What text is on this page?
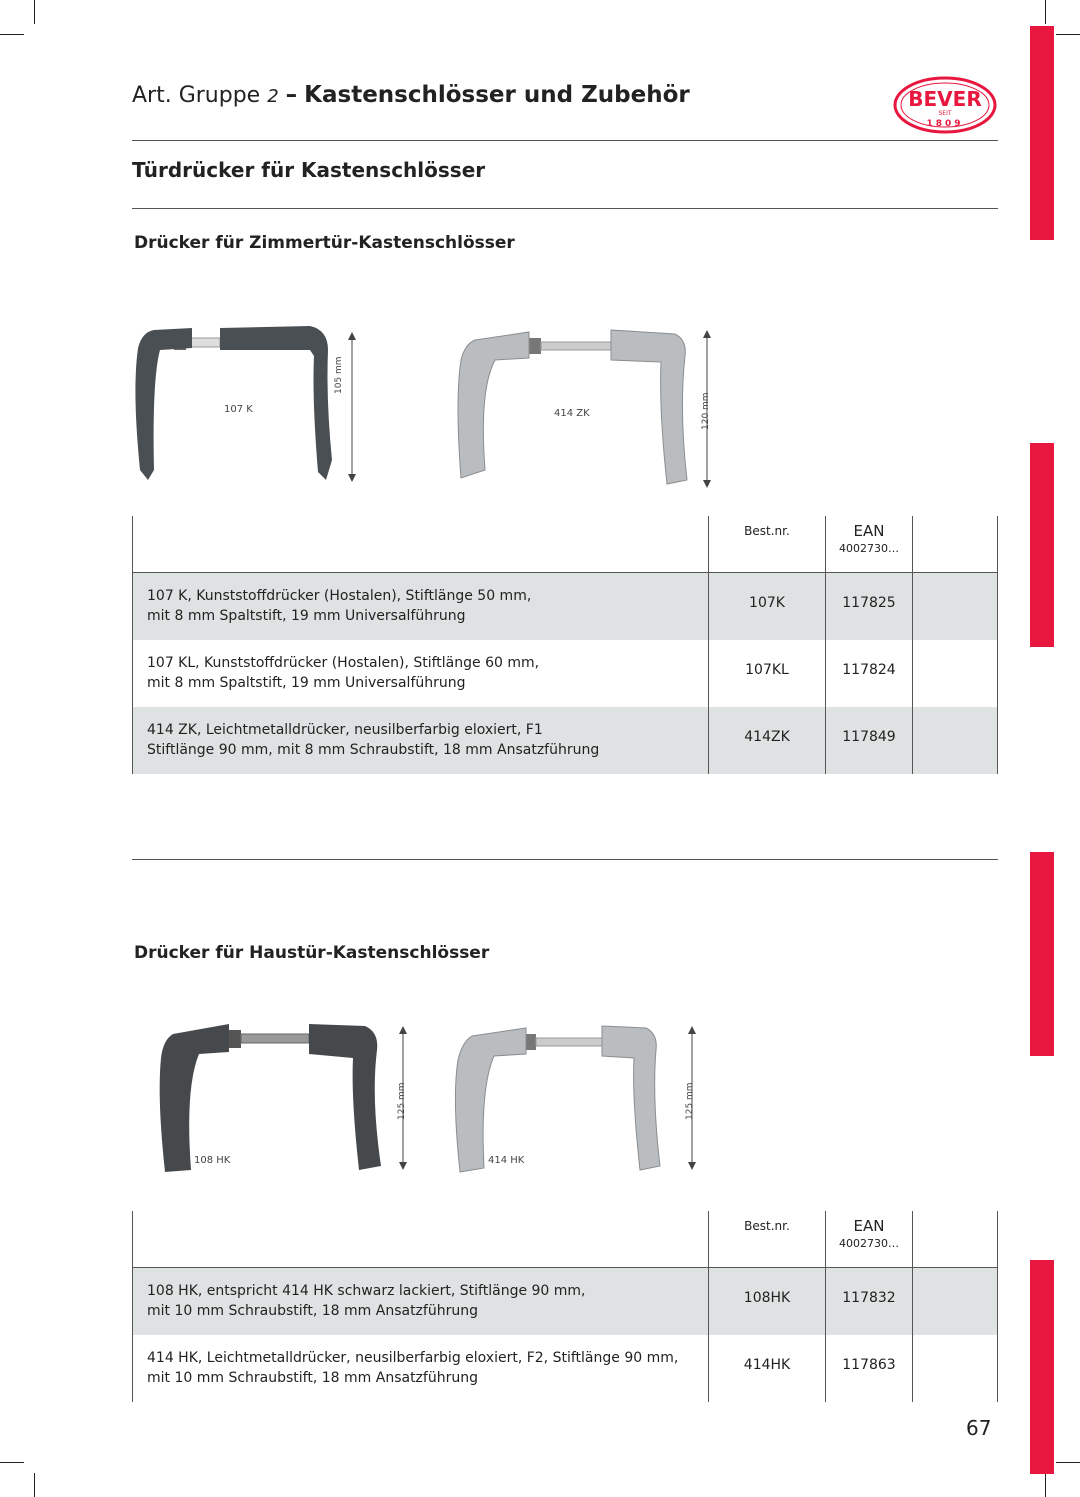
Art. Gruppe 2 – Kastenschlösser und Zubehör	BEVER
SEIT
1809
Türdrücker für Kastenschlösser
Drücker für Zimmertür-Kastenschlösser
107 K
105 mm
414 ZK	120 mm

	Best.nr.	EAN
4002730…	

107 K, Kunststoffdrücker (Hostalen), Stiftlänge 50 mm,
mit 8 mm Spaltstift, 19 mm Universalführung	107K	117825	

107 KL, Kunststoffdrücker (Hostalen), Stiftlänge 60 mm,
mit 8 mm Spaltstift, 19 mm Universalführung	107KL	117824	

414 ZK, Leichtmetalldrücker, neusilberfarbig eloxiert, F1
Stiftlänge 90 mm, mit 8 mm Schraubstift, 18 mm Ansatzführung	414ZK	117849	

Drücker für Haustür-Kastenschlösser
108 HK
125 mm
414 HK
125 mm

	Best.nr.	EAN
4002730…	

108 HK, entspricht 414 HK schwarz lackiert, Stiftlänge 90 mm,
mit 10 mm Schraubstift, 18 mm Ansatzführung	108HK	117832	

414 HK, Leichtmetalldrücker, neusilberfarbig eloxiert, F2, Stiftlänge 90 mm,
mit 10 mm Schraubstift, 18 mm Ansatzführung	414HK	117863	

67
